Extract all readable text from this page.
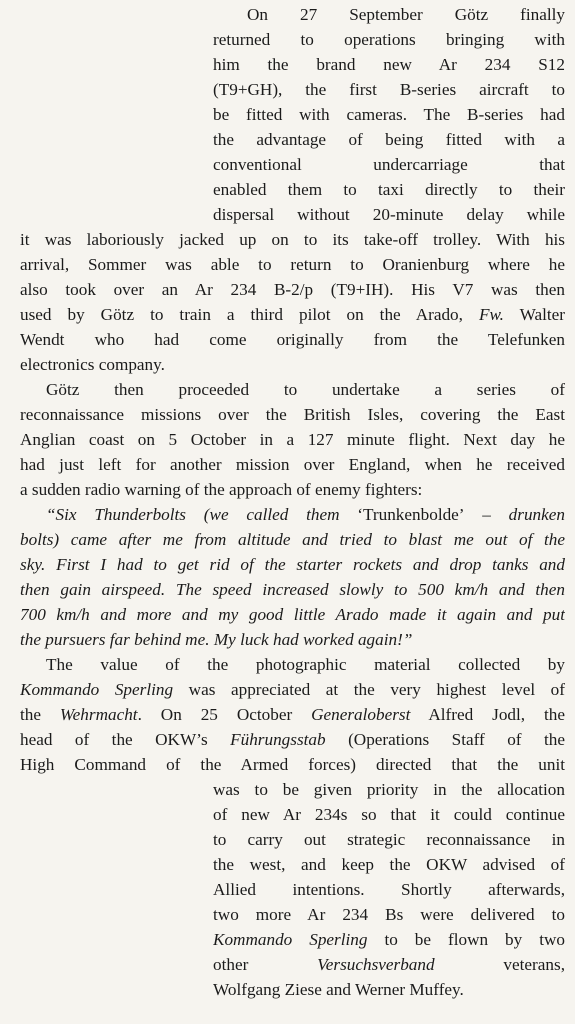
On 27 September Götz finally
returned to operations bringing with
him the brand new Ar 234 S12
(T9+GH), the first B-series aircraft to
be fitted with cameras. The B-series had
the advantage of being fitted with a
conventional undercarriage that
enabled them to taxi directly to their
dispersal without 20-minute delay while
it was laboriously jacked up on to its take-off trolley. With his
arrival, Sommer was able to return to Oranienburg where he
also took over an Ar 234 B-2/p (T9+IH). His V7 was then
used by Götz to train a third pilot on the Arado, Fw. Walter
Wendt who had come originally from the Telefunken
electronics company.
Götz then proceeded to undertake a series of
reconnaissance missions over the British Isles, covering the East
Anglian coast on 5 October in a 127 minute flight. Next day he
had just left for another mission over England, when he received
a sudden radio warning of the approach of enemy fighters:
“Six Thunderbolts (we called them ‘Trunkenbolde’ – drunken
bolts) came after me from altitude and tried to blast me out of the
sky. First I had to get rid of the starter rockets and drop tanks and
then gain airspeed. The speed increased slowly to 500 km/h and then
700 km/h and more and my good little Arado made it again and put
the pursuers far behind me. My luck had worked again!”
The value of the photographic material collected by
Kommando Sperling was appreciated at the very highest level of
the Wehrmacht. On 25 October Generaloberst Alfred Jodl, the
head of the OKW’s Führungsstab (Operations Staff of the
High Command of the Armed forces) directed that the unit
was to be given priority in the allocation
of new Ar 234s so that it could continue
to carry out strategic reconnaissance in
the west, and keep the OKW advised of
Allied intentions. Shortly afterwards,
two more Ar 234 Bs were delivered to
Kommando Sperling to be flown by two
other Versuchsverband veterans,
Wolfgang Ziese and Werner Muffey.
